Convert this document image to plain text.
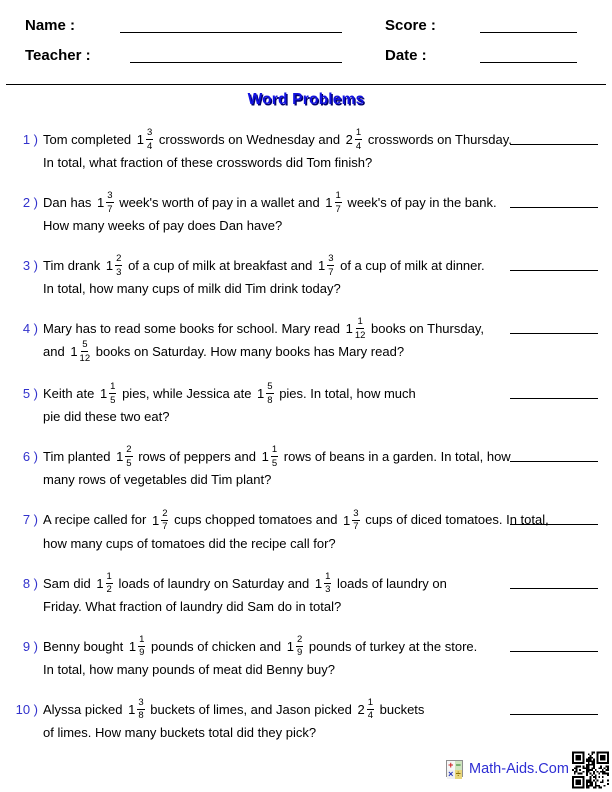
Name :	Score :
Teacher :	Date :
Word Problems
1 ) Tom completed $1 \frac{3}{4}$ crosswords on Wednesday and $2 \frac{1}{4}$ crosswords on Thursday.
In total, what fraction of these crosswords did Tom finish?
2 ) Dan has $1 \frac{3}{7}$ week's worth of pay in a wallet and $1 \frac{1}{7}$ week's of pay in the bank.
How many weeks of pay does Dan have?
3 ) Tim drank $1 \frac{2}{3}$ of a cup of milk at breakfast and $1 \frac{3}{7}$ of a cup of milk at dinner.
In total, how many cups of milk did Tim drink today?
4 ) Mary has to read some books for school. Mary read $1 \frac{1}{12}$ books on Thursday,
and $1 \frac{5}{12}$ books on Saturday. How many books has Mary read?
5 ) Keith ate $1 \frac{1}{5}$ pies, while Jessica ate $1 \frac{5}{8}$ pies. In total, how much
pie did these two eat?
6 ) Tim planted $1 \frac{2}{5}$ rows of peppers and $1 \frac{1}{5}$ rows of beans in a garden. In total, how
many rows of vegetables did Tim plant?
7 ) A recipe called for $1 \frac{2}{7}$ cups chopped tomatoes and $1 \frac{3}{7}$ cups of diced tomatoes. In total,
how many cups of tomatoes did the recipe call for?
8 ) Sam did $1 \frac{1}{2}$ loads of laundry on Saturday and $1 \frac{1}{3}$ loads of laundry on
Friday. What fraction of laundry did Sam do in total?
9 ) Benny bought $1 \frac{1}{9}$ pounds of chicken and $1 \frac{2}{9}$ pounds of turkey at the store.
In total, how many pounds of meat did Benny buy?
10 ) Alyssa picked $1 \frac{3}{8}$ buckets of limes, and Jason picked $2 \frac{1}{4}$ buckets
of limes. How many buckets total did they pick?
+ −
× ÷ Math-Aids.Com
